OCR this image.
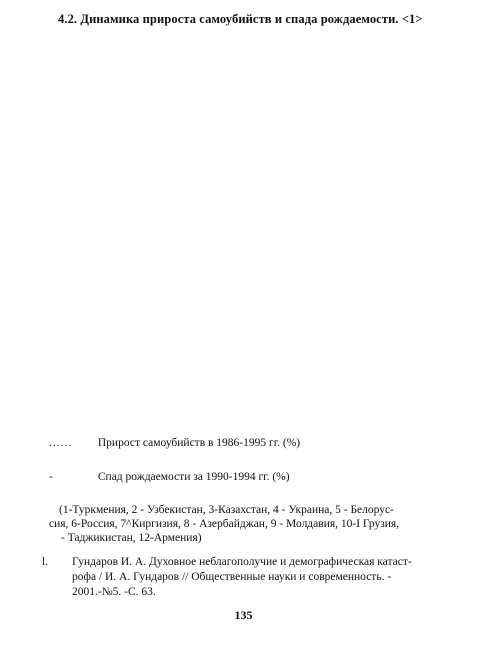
4.2. Динамика прироста самоубийств и спада рождаемости. <1>
...... Прирост самоубийств в 1986-1995 гг. (%)
-	Спад рождаемости за 1990-1994 гг. (%)
(1-Туркмения, 2 - Узбекистан, 3-Казахстан, 4 - Украина, 5 - Белорус-
сия, 6-Россия, 7^Киргизия, 8 - Азербайджан, 9 - Молдавия, 10-I Грузия,
- Таджикистан, 12-Армения)
l. Гундаров И. А. Духовное неблагополучие и демографическая катаст-
рофа / И. А. Гундаров // Общественные науки и современность. -
2001.-№5. -С. 63.
135
